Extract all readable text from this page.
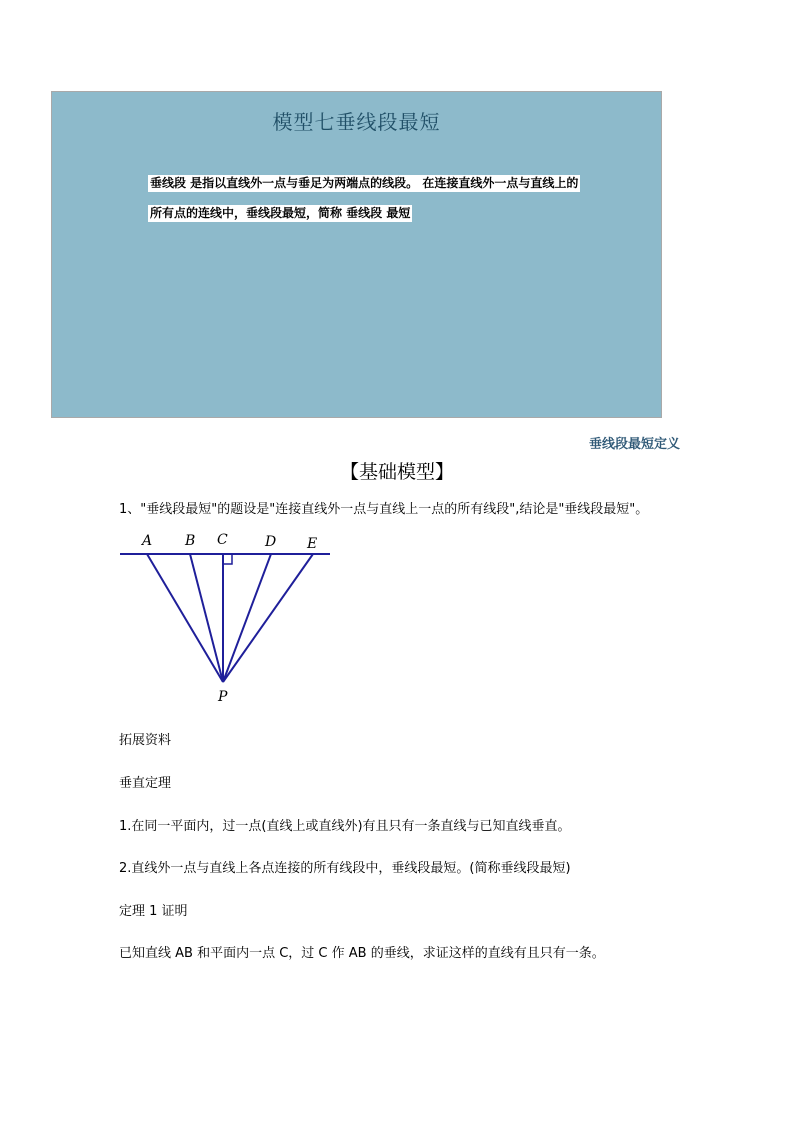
模型七垂线段最短
垂线段 是指以直线外一点与垂足为两端点的线段。 在连接直线外一点与直线上的
所有点的连线中，垂线段最短，简称 垂线段 最短
垂线段最短定义
【基础模型】
1、"垂线段最短"的题设是"连接直线外一点与直线上一点的所有线段",结论是"垂线段最短"。
A B C	D E
P
拓展资料
垂直定理
1.在同一平面内，过一点(直线上或直线外)有且只有一条直线与已知直线垂直。
2.直线外一点与直线上各点连接的所有线段中，垂线段最短。(简称垂线段最短)
定理 1 证明
已知直线 AB 和平面内一点 C，过 C 作 AB 的垂线，求证这样的直线有且只有一条。
